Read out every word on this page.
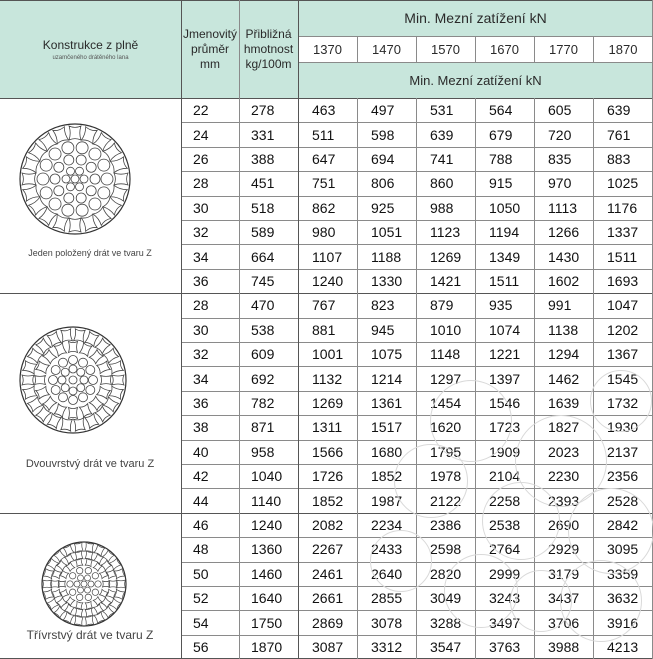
Konstrukce z plně
uzamčeného drátěného lana
Jmenovitý průměr mm
Přibližná hmotnost kg/100m
Min. Mezní zatížení kN
Min. Mezní zatížení kN
Jeden položený drát ve tvaru Z
Dvouvrstvý drát ve tvaru Z
Třívrstvý drát ve tvaru Z
1370	1470	1570	1670	1770	1870
22	278	463	497	531	564	605	639
24	331	511	598	639	679	720	761
26	388	647	694	741	788	835	883
28	451	751	806	860	915	970	1025
30	518	862	925	988	1050	1113	1176
32	589	980	1051	1123	1194	1266	1337
34	664	1107	1188	1269	1349	1430	1511
36	745	1240	1330	1421	1511	1602	1693
28	470	767	823	879	935	991	1047
30	538	881	945	1010	1074	1138	1202
32	609	1001	1075	1148	1221	1294	1367
34	692	1132	1214	1297	1397	1462	1545
36	782	1269	1361	1454	1546	1639	1732
38	871	1311	1517	1620	1723	1827	1930
40	958	1566	1680	1795	1909	2023	2137
42	1040	1726	1852	1978	2104	2230	2356
44	1140	1852	1987	2122	2258	2393	2528
46	1240	2082	2234	2386	2538	2690	2842
48	1360	2267	2433	2598	2764	2929	3095
50	1460	2461	2640	2820	2999	3179	3359
52	1640	2661	2855	3049	3243	3437	3632
54	1750	2869	3078	3288	3497	3706	3916
56	1870	3087	3312	3547	3763	3988	4213
